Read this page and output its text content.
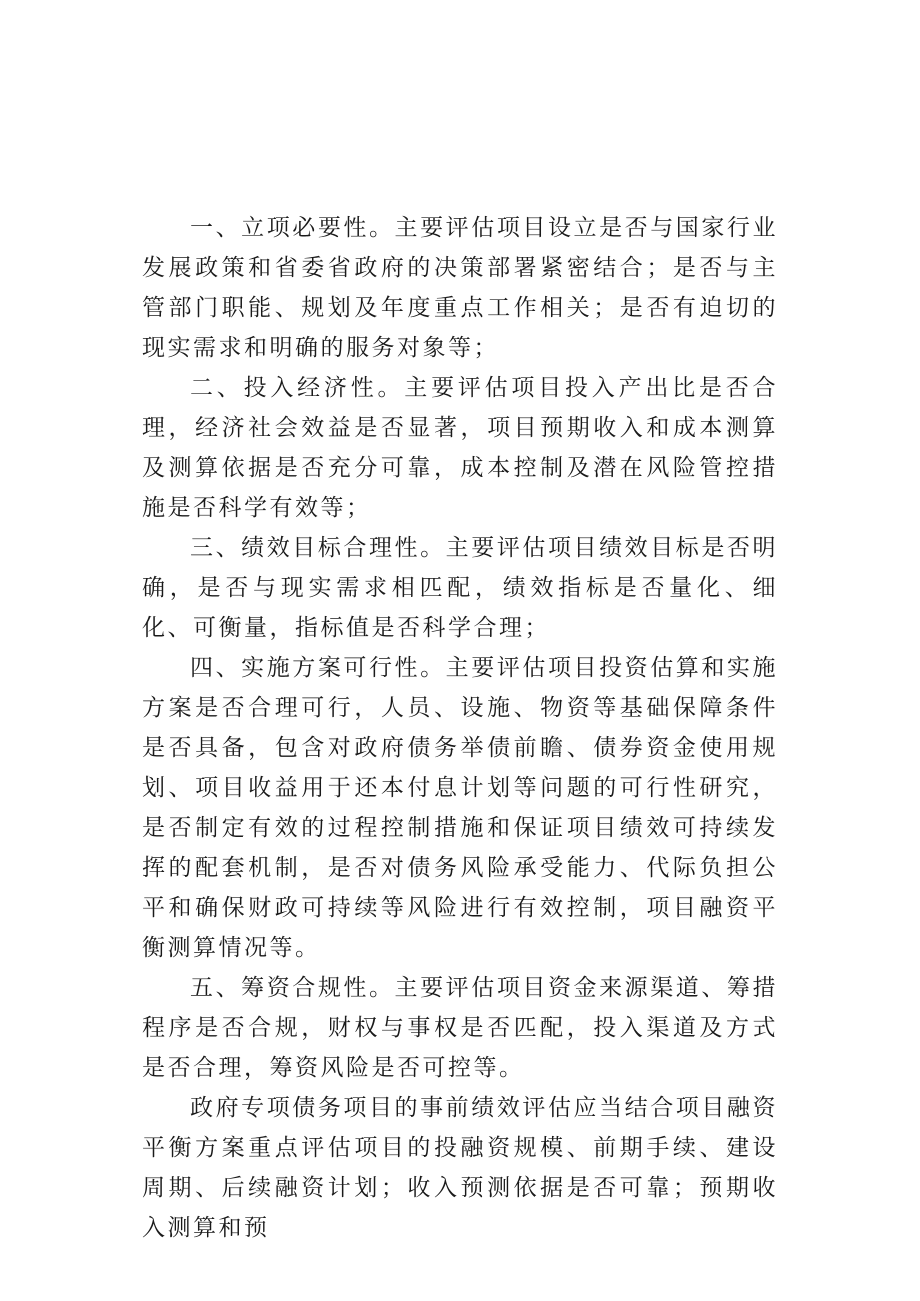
一、立项必要性。主要评估项目设立是否与国家行业发展政策和省委省政府的决策部署紧密结合；是否与主管部门职能、规划及年度重点工作相关；是否有迫切的现实需求和明确的服务对象等；

二、投入经济性。主要评估项目投入产出比是否合理，经济社会效益是否显著，项目预期收入和成本测算及测算依据是否充分可靠，成本控制及潜在风险管控措施是否科学有效等；

三、绩效目标合理性。主要评估项目绩效目标是否明确，是否与现实需求相匹配，绩效指标是否量化、细化、可衡量，指标值是否科学合理；

四、实施方案可行性。主要评估项目投资估算和实施方案是否合理可行，人员、设施、物资等基础保障条件是否具备，包含对政府债务举债前瞻、债券资金使用规划、项目收益用于还本付息计划等问题的可行性研究，是否制定有效的过程控制措施和保证项目绩效可持续发挥的配套机制，是否对债务风险承受能力、代际负担公平和确保财政可持续等风险进行有效控制，项目融资平衡测算情况等。

五、筹资合规性。主要评估项目资金来源渠道、筹措程序是否合规，财权与事权是否匹配，投入渠道及方式是否合理，筹资风险是否可控等。

政府专项债务项目的事前绩效评估应当结合项目融资平衡方案重点评估项目的投融资规模、前期手续、建设周期、后续融资计划；收入预测依据是否可靠；预期收入测算和预
